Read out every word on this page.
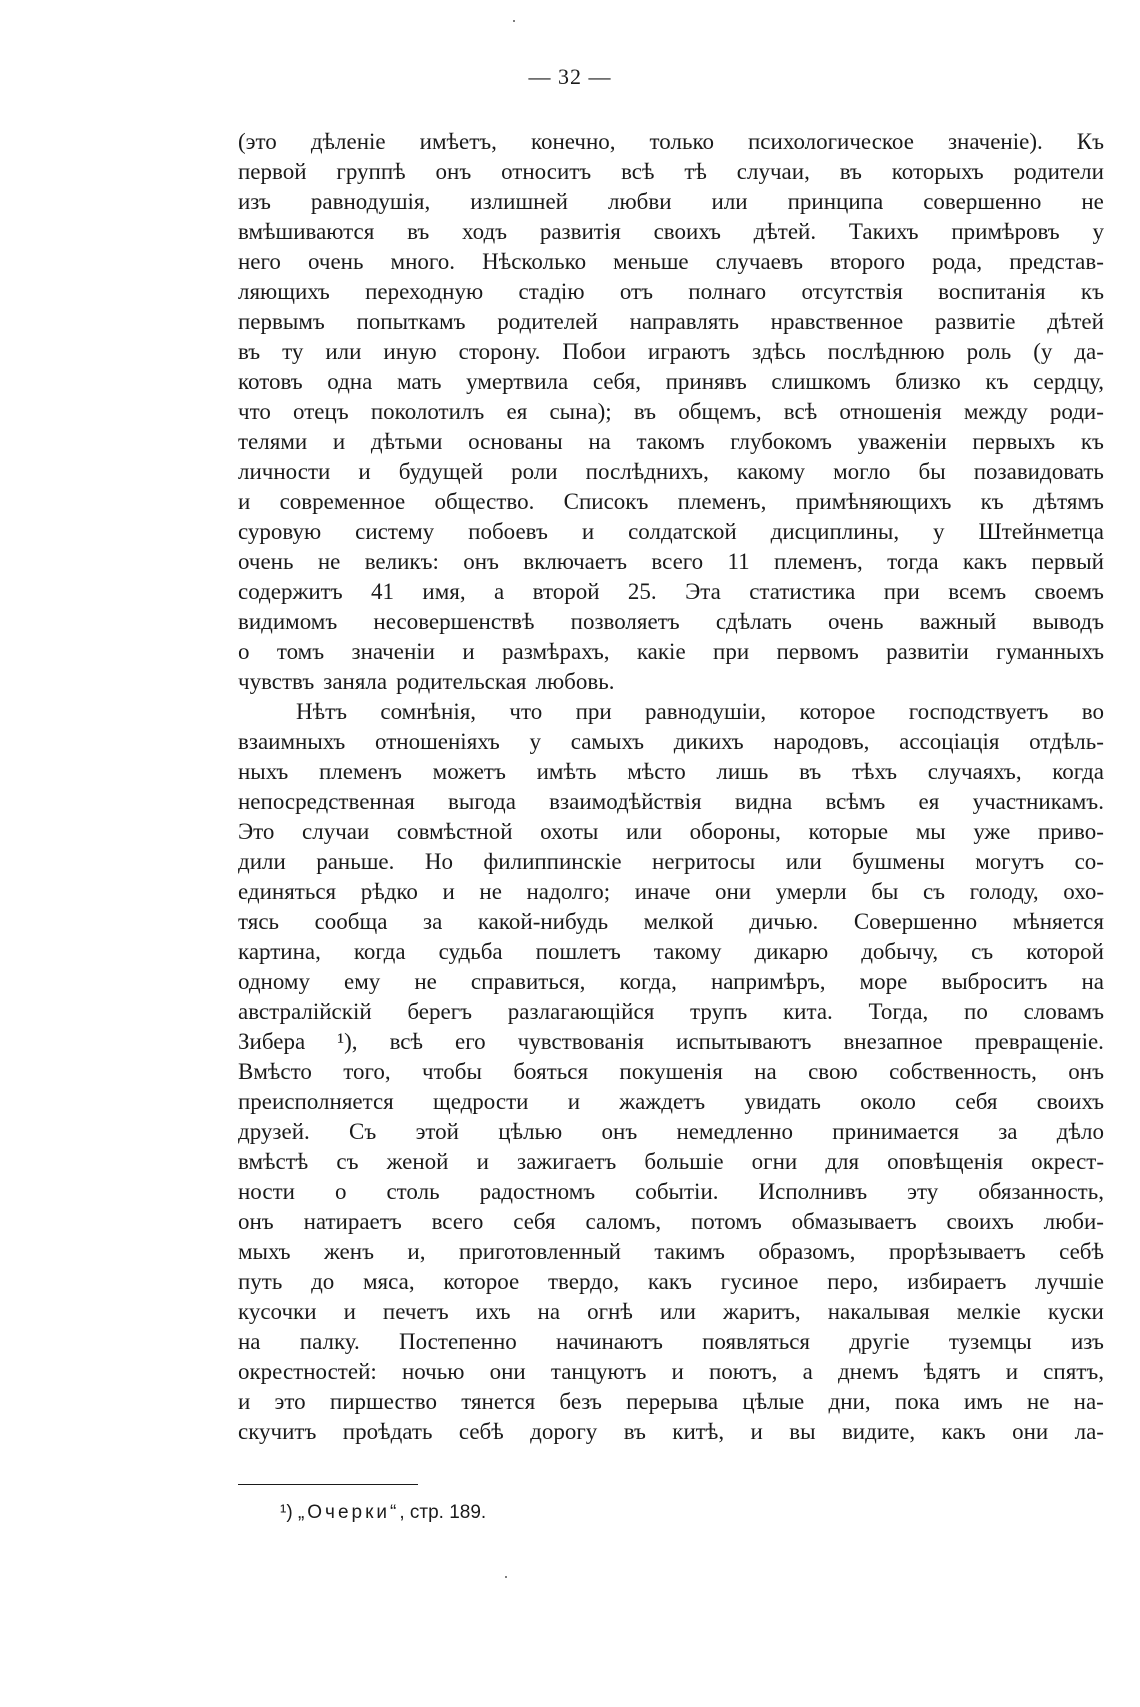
— 32 —
(это дѣленіе имѣетъ, конечно, только психологическое значеніе). Къ
первой группѣ онъ относитъ всѣ тѣ случаи, въ которыхъ родители
изъ равнодушія, излишней любви или принципа совершенно не
вмѣшиваются въ ходъ развитія своихъ дѣтей. Такихъ примѣровъ у
него очень много. Нѣсколько меньше случаевъ второго рода, представ-
ляющихъ переходную стадію отъ полнаго отсутствія воспитанія къ
первымъ попыткамъ родителей направлять нравственное развитіе дѣтей
въ ту или иную сторону. Побои играютъ здѣсь послѣднюю роль (у да-
котовъ одна мать умертвила себя, принявъ слишкомъ близко къ сердцу,
что отецъ поколотилъ ея сына); въ общемъ, всѣ отношенія между роди-
телями и дѣтьми основаны на такомъ глубокомъ уваженіи первыхъ къ
личности и будущей роли послѣднихъ, какому могло бы позавидовать
и современное общество. Списокъ племенъ, примѣняющихъ къ дѣтямъ
суровую систему побоевъ и солдатской дисциплины, у Штейнметца
очень не великъ: онъ включаетъ всего 11 племенъ, тогда какъ первый
содержитъ 41 имя, а второй 25. Эта статистика при всемъ своемъ
видимомъ несовершенствѣ позволяетъ сдѣлать очень важный выводъ
о томъ значеніи и размѣрахъ, какіе при первомъ развитіи гуманныхъ
чувствъ заняла родительская любовь.
Нѣтъ сомнѣнія, что при равнодушіи, которое господствуетъ во
взаимныхъ отношеніяхъ у самыхъ дикихъ народовъ, ассоціація отдѣль-
ныхъ племенъ можетъ имѣть мѣсто лишь въ тѣхъ случаяхъ, когда
непосредственная выгода взаимодѣйствія видна всѣмъ ея участникамъ.
Это случаи совмѣстной охоты или обороны, которые мы уже приво-
дили раньше. Но филиппинскіе негритосы или бушмены могутъ со-
единяться рѣдко и не надолго; иначе они умерли бы съ голоду, охо-
тясь сообща за какой-нибудь мелкой дичью. Совершенно мѣняется
картина, когда судьба пошлетъ такому дикарю добычу, съ которой
одному ему не справиться, когда, напримѣръ, море выброситъ на
австралійскій берегъ разлагающійся трупъ кита. Тогда, по словамъ
Зибера ¹), всѣ его чувствованія испытываютъ внезапное превращеніе.
Вмѣсто того, чтобы бояться покушенія на свою собственность, онъ
преисполняется щедрости и жаждетъ увидать около себя своихъ
друзей. Съ этой цѣлью онъ немедленно принимается за дѣло
вмѣстѣ съ женой и зажигаетъ большіе огни для оповѣщенія окрест-
ности о столь радостномъ событіи. Исполнивъ эту обязанность,
онъ натираетъ всего себя саломъ, потомъ обмазываетъ своихъ люби-
мыхъ женъ и, приготовленный такимъ образомъ, прорѣзываетъ себѣ
путь до мяса, которое твердо, какъ гусиное перо, избираетъ лучшіе
кусочки и печетъ ихъ на огнѣ или жаритъ, накалывая мелкіе куски
на палку. Постепенно начинаютъ появляться другіе туземцы изъ
окрестностей: ночью они танцуютъ и поютъ, а днемъ ѣдятъ и спятъ,
и это пиршество тянется безъ перерыва цѣлые дни, пока имъ не на-
скучитъ проѣдать себѣ дорогу въ китѣ, и вы видите, какъ они ла-
¹) „Очерки“, стр. 189.
